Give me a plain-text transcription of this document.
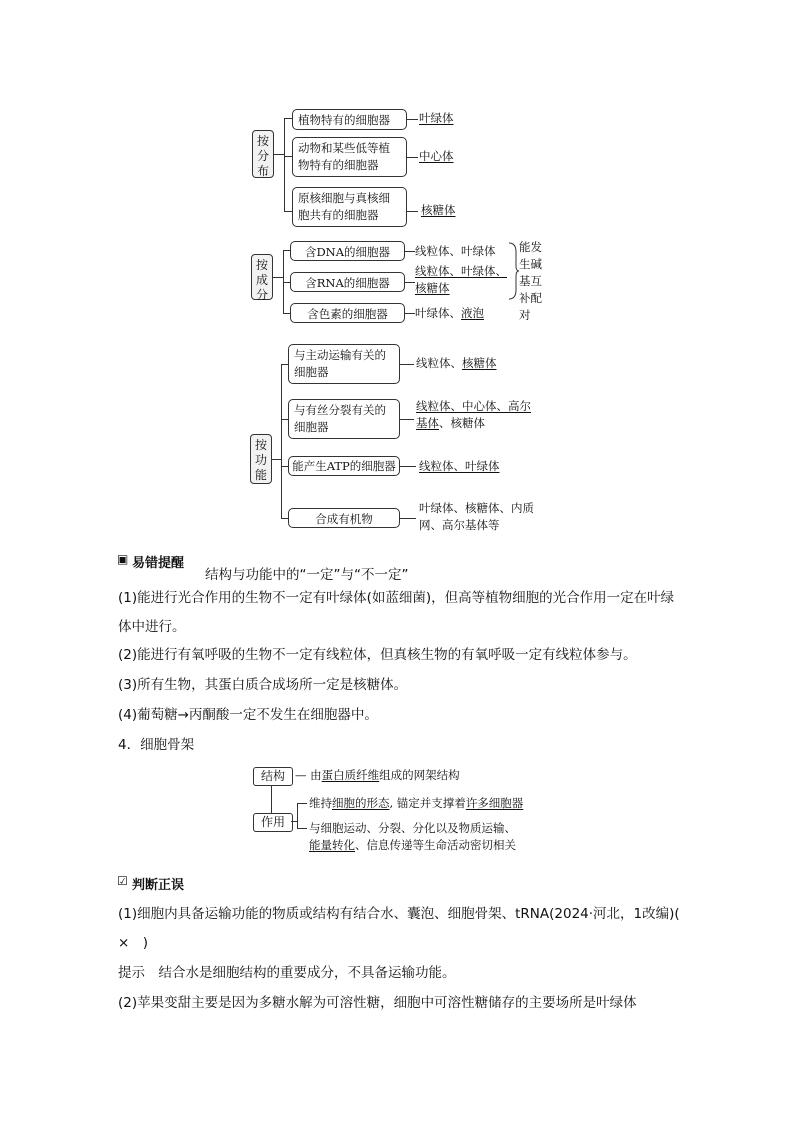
按分布
植物特有的细胞器	叶绿体
动物和某些低等植物特有的细胞器
中心体
原核细胞与真核细胞共有的细胞器	核糖体
按成分
含DNA的细胞器	线粒体、叶绿体
含RNA的细胞器
线粒体、叶绿体、
核糖体
含色素的细胞器	叶绿体、液泡
能发生碱基互补配对
按功能
与主动运输有关的细胞器
线粒体、核糖体
与有丝分裂有关的细胞器
线粒体、中心体、高尔
基体、核糖体
能产生ATP的细胞器	线粒体、叶绿体
合成有机物
叶绿体、核糖体、内质
网、高尔基体等
▣ 易错提醒
结构与功能中的“一定”与“不一定”
(1)能进行光合作用的生物不一定有叶绿体(如蓝细菌)，但高等植物细胞的光合作用一定在叶绿体中进行。
(2)能进行有氧呼吸的生物不一定有线粒体，但真核生物的有氧呼吸一定有线粒体参与。
(3)所有生物，其蛋白质合成场所一定是核糖体。
(4)葡萄糖→丙酮酸一定不发生在细胞器中。
4．细胞骨架
结构 — 由蛋白质纤维组成的网架结构
作用
维持细胞的形态, 锚定并支撑着许多细胞器
与细胞运动、分裂、分化以及物质运输、
能量转化、信息传递等生命活动密切相关
☑ 判断正误
(1)细胞内具备运输功能的物质或结构有结合水、囊泡、细胞骨架、tRNA(2024·河北，1改编)(　×　)
提示　 结合水是细胞结构的重要成分，不具备运输功能。
(2)苹果变甜主要是因为多糖水解为可溶性糖，细胞中可溶性糖储存的主要场所是叶绿体
